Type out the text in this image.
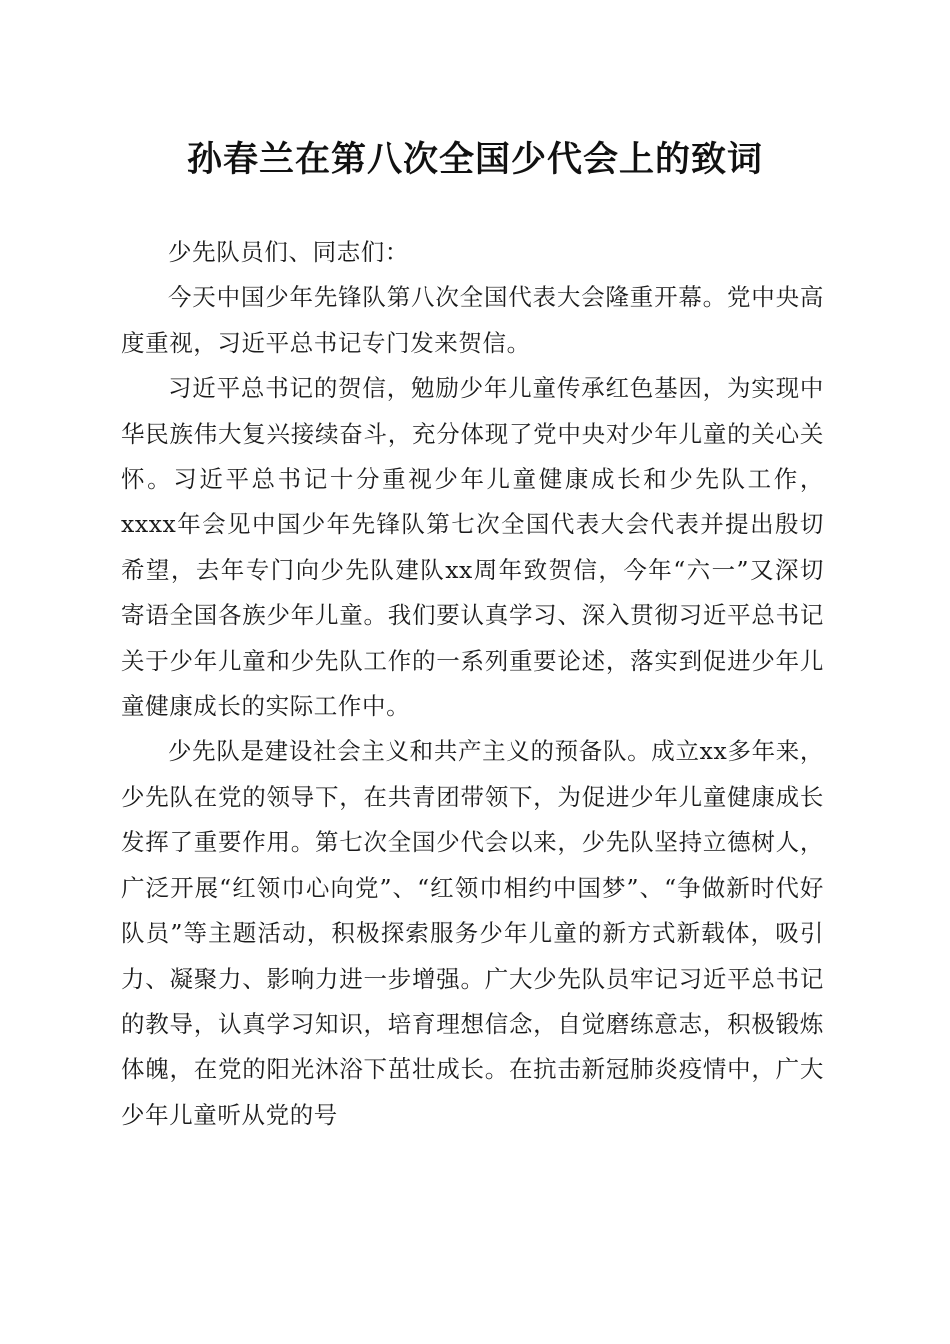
孙春兰在第八次全国少代会上的致词

少先队员们、同志们：

今天中国少年先锋队第八次全国代表大会隆重开幕。党中央高度重视，习近平总书记专门发来贺信。

习近平总书记的贺信，勉励少年儿童传承红色基因，为实现中华民族伟大复兴接续奋斗，充分体现了党中央对少年儿童的关心关怀。习近平总书记十分重视少年儿童健康成长和少先队工作，xxxx年会见中国少年先锋队第七次全国代表大会代表并提出殷切希望，去年专门向少先队建队xx周年致贺信，今年“六一”又深切寄语全国各族少年儿童。我们要认真学习、深入贯彻习近平总书记关于少年儿童和少先队工作的一系列重要论述，落实到促进少年儿童健康成长的实际工作中。

少先队是建设社会主义和共产主义的预备队。成立xx多年来，少先队在党的领导下，在共青团带领下，为促进少年儿童健康成长发挥了重要作用。第七次全国少代会以来，少先队坚持立德树人，广泛开展“红领巾心向党”、“红领巾相约中国梦”、“争做新时代好队员”等主题活动，积极探索服务少年儿童的新方式新载体，吸引力、凝聚力、影响力进一步增强。广大少先队员牢记习近平总书记的教导，认真学习知识，培育理想信念，自觉磨练意志，积极锻炼体魄，在党的阳光沐浴下茁壮成长。在抗击新冠肺炎疫情中，广大少年儿童听从党的号
